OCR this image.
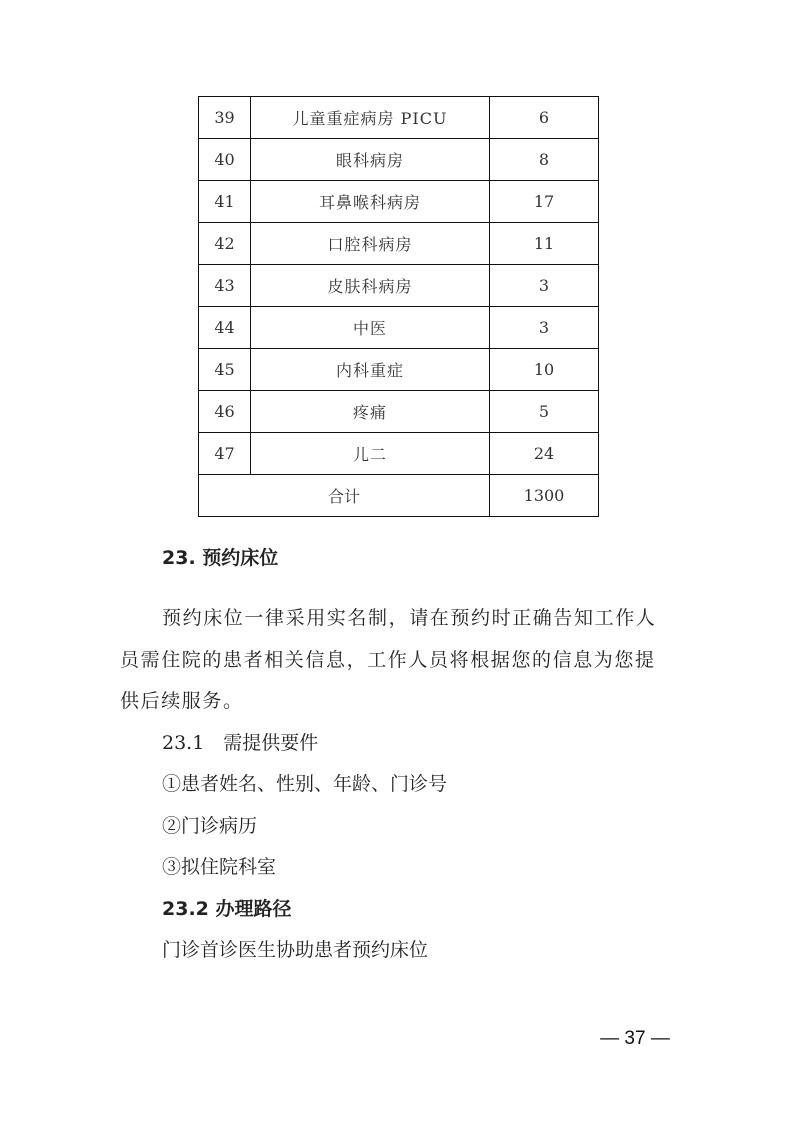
39	儿童重症病房 PICU	6
40	眼科病房	8
41	耳鼻喉科病房	17
42	口腔科病房	11
43	皮肤科病房	3
44	中医	3
45	内科重症	10
46	疼痛	5
47	儿二	24
合计		1300

23. 预约床位

预约床位一律采用实名制，请在预约时正确告知工作人

员需住院的患者相关信息，工作人员将根据您的信息为您提

供后续服务。

23.1　需提供要件

①患者姓名、性别、年龄、门诊号

②门诊病历

③拟住院科室

23.2 办理路径

门诊首诊医生协助患者预约床位

— 37 —
